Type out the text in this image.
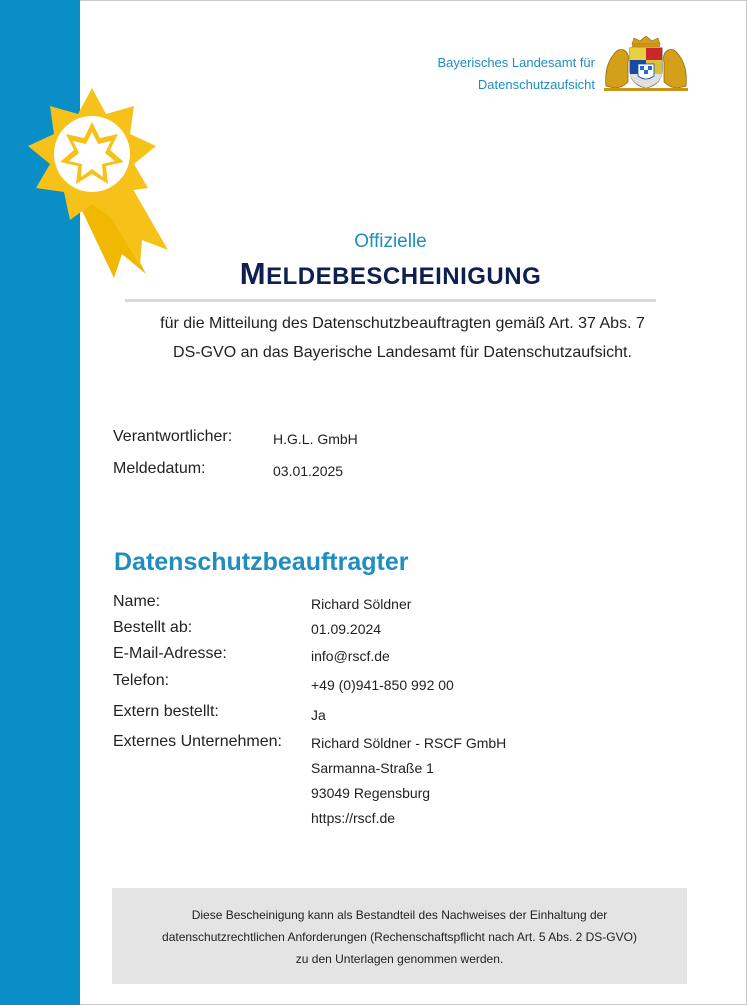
Bayerisches Landesamt für
Datenschutzaufsicht
Offizielle
MELDEBESCHEINIGUNG
für die Mitteilung des Datenschutzbeauftragten gemäß Art. 37 Abs. 7
DS-GVO an das Bayerische Landesamt für Datenschutzaufsicht.
Verantwortlicher:	H.G.L. GmbH
Meldedatum:	03.01.2025
Datenschutzbeauftragter
Name:	Richard Söldner
Bestellt ab:	01.09.2024
E-Mail-Adresse:	info@rscf.de
Telefon:	+49 (0)941-850 992 00
Extern bestellt:	Ja
Externes Unternehmen: Richard Söldner - RSCF GmbH
Sarmanna-Straße 1
93049 Regensburg
https://rscf.de
Diese Bescheinigung kann als Bestandteil des Nachweises der Einhaltung der
datenschutzrechtlichen Anforderungen (Rechenschaftspflicht nach Art. 5 Abs. 2 DS-GVO)
zu den Unterlagen genommen werden.
